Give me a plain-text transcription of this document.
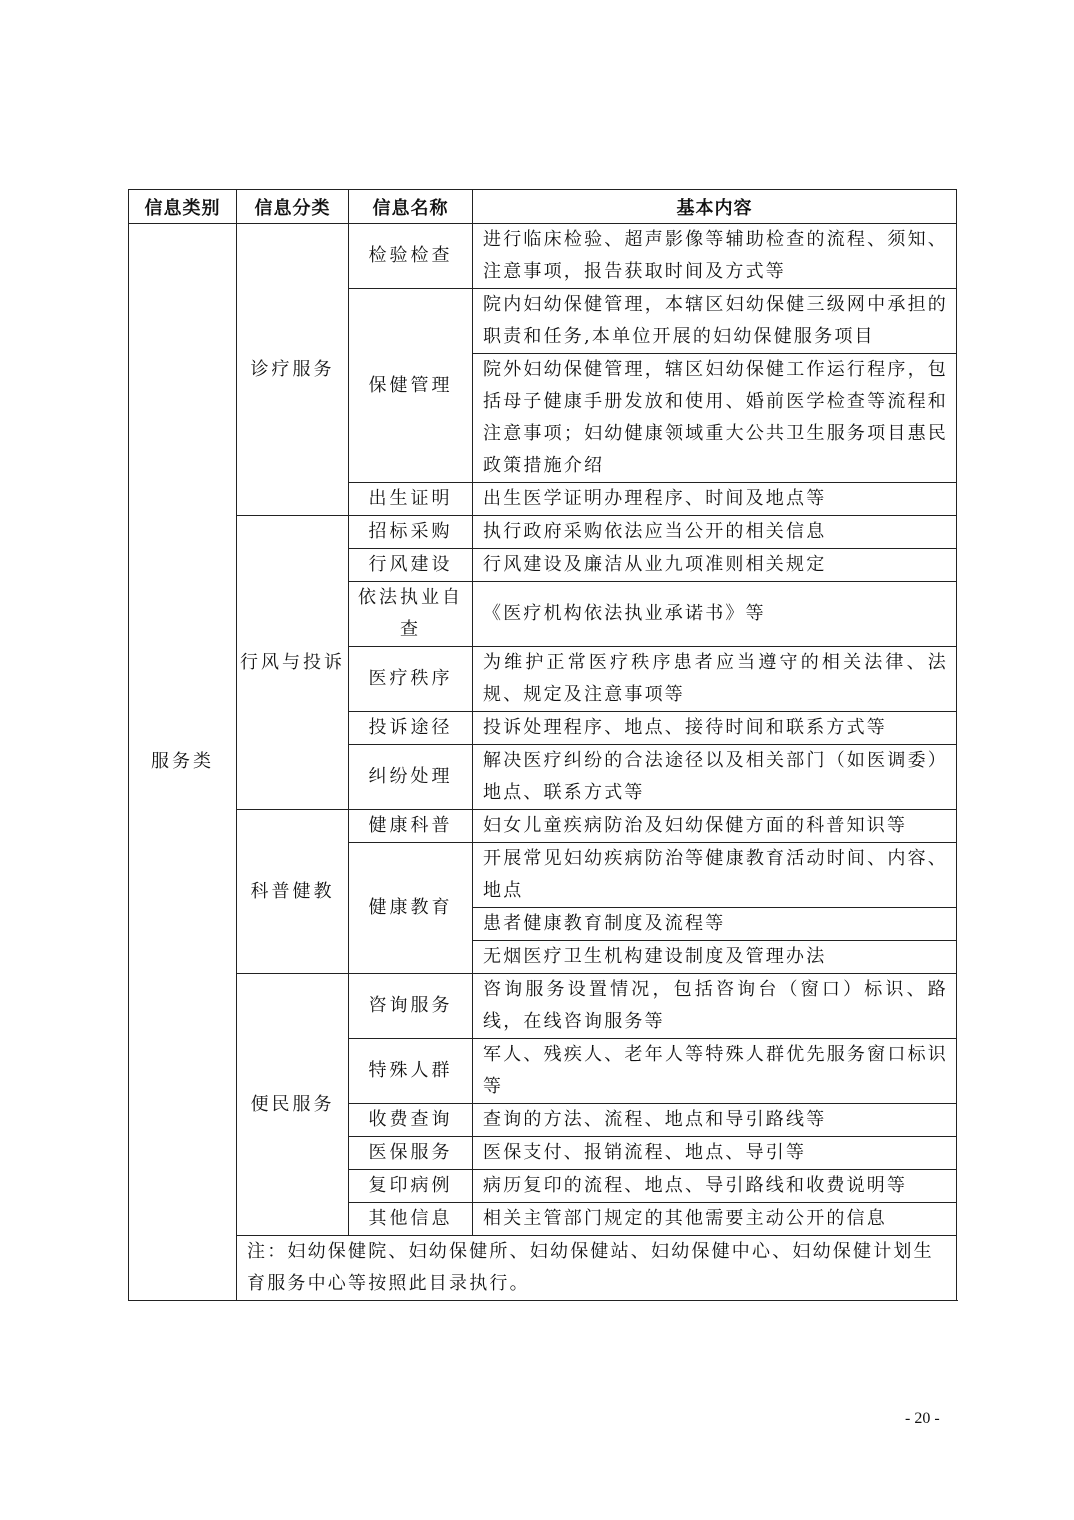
信息类别	信息分类	信息名称	基本内容
服务类	诊疗服务	检验检查	进行临床检验、超声影像等辅助检查的流程、须知、注意事项，报告获取时间及方式等
		保健管理	院内妇幼保健管理，本辖区妇幼保健三级网中承担的职责和任务,本单位开展的妇幼保健服务项目
			院外妇幼保健管理，辖区妇幼保健工作运行程序，包括母子健康手册发放和使用、婚前医学检查等流程和注意事项；妇幼健康领域重大公共卫生服务项目惠民政策措施介绍
		出生证明	出生医学证明办理程序、时间及地点等
	行风与投诉	招标采购	执行政府采购依法应当公开的相关信息
		行风建设	行风建设及廉洁从业九项准则相关规定
		依法执业自查	《医疗机构依法执业承诺书》等
		医疗秩序	为维护正常医疗秩序患者应当遵守的相关法律、法规、规定及注意事项等
		投诉途径	投诉处理程序、地点、接待时间和联系方式等
		纠纷处理	解决医疗纠纷的合法途径以及相关部门（如医调委）地点、联系方式等
	科普健教	健康科普	妇女儿童疾病防治及妇幼保健方面的科普知识等
		健康教育	开展常见妇幼疾病防治等健康教育活动时间、内容、地点
			患者健康教育制度及流程等
			无烟医疗卫生机构建设制度及管理办法
	便民服务	咨询服务	咨询服务设置情况，包括咨询台（窗口）标识、路线，在线咨询服务等
		特殊人群	军人、残疾人、老年人等特殊人群优先服务窗口标识等
		收费查询	查询的方法、流程、地点和导引路线等
		医保服务	医保支付、报销流程、地点、导引等
		复印病例	病历复印的流程、地点、导引路线和收费说明等
		其他信息	相关主管部门规定的其他需要主动公开的信息
	注：妇幼保健院、妇幼保健所、妇幼保健站、妇幼保健中心、妇幼保健计划生育服务中心等按照此目录执行。		
- 20 -
